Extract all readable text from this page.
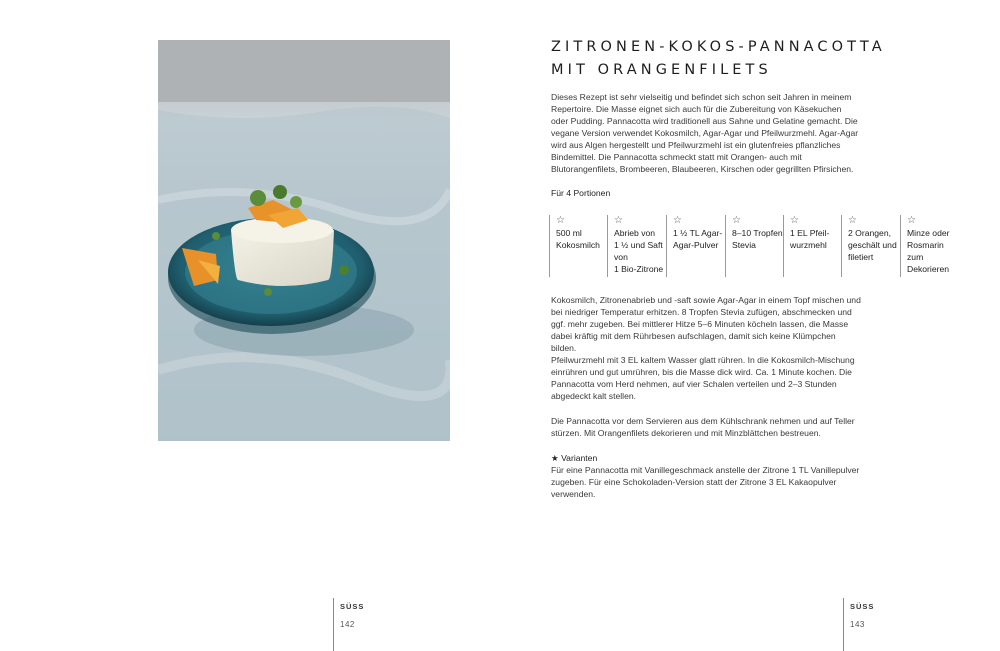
ZITRONEN-KOKOS-PANNACOTTA
MIT ORANGENFILETS

Dieses Rezept ist sehr vielseitig und befindet sich schon seit Jahren in meinem Repertoire. Die Masse eignet sich auch für die Zubereitung von Käsekuchen oder Pudding. Pannacotta wird traditionell aus Sahne und Gelatine gemacht. Die vegane Version verwendet Kokosmilch, Agar-Agar und Pfeilwurzmehl. Agar-Agar wird aus Algen hergestellt und Pfeilwurzmehl ist ein glutenfreies pflanzliches Bindemittel. Die Pannacotta schmeckt statt mit Orangen- auch mit Blutorangenfilets, Brombeeren, Blaubeeren, Kirschen oder gegrillten Pfirsichen.

Für 4 Portionen

☆
500 ml
Kokosmilch
☆
Abrieb von
1 ½ und Saft
von
1 Bio-Zitrone
☆
1 ½ TL Agar-
Agar-Pulver
☆
8–10 Tropfen
Stevia
☆
1 EL Pfeil-
wurzmehl
☆
2 Orangen,
geschält und
filetiert
☆
Minze oder
Rosmarin
zum
Dekorieren

Kokosmilch, Zitronenabrieb und -saft sowie Agar-Agar in einem Topf mischen und bei niedriger Temperatur erhitzen. 8 Tropfen Stevia zufügen, abschmecken und ggf. mehr zugeben. Bei mittlerer Hitze 5–6 Minuten köcheln lassen, die Masse dabei kräftig mit dem Rührbesen aufschlagen, damit sich keine Klümpchen bilden.

Pfeilwurzmehl mit 3 EL kaltem Wasser glatt rühren. In die Kokosmilch-Mischung einrühren und gut umrühren, bis die Masse dick wird. Ca. 1 Minute kochen. Die Pannacotta vom Herd nehmen, auf vier Schalen verteilen und 2–3 Stunden abgedeckt kalt stellen.

Die Pannacotta vor dem Servieren aus dem Kühlschrank nehmen und auf Teller stürzen. Mit Orangenfilets dekorieren und mit Minzblättchen bestreuen.

★ Varianten

Für eine Pannacotta mit Vanillegeschmack anstelle der Zitrone 1 TL Vanillepulver zugeben. Für eine Schokoladen-Version statt der Zitrone 3 EL Kakaopulver verwenden.

SÜSS
142
SÜSS
143
